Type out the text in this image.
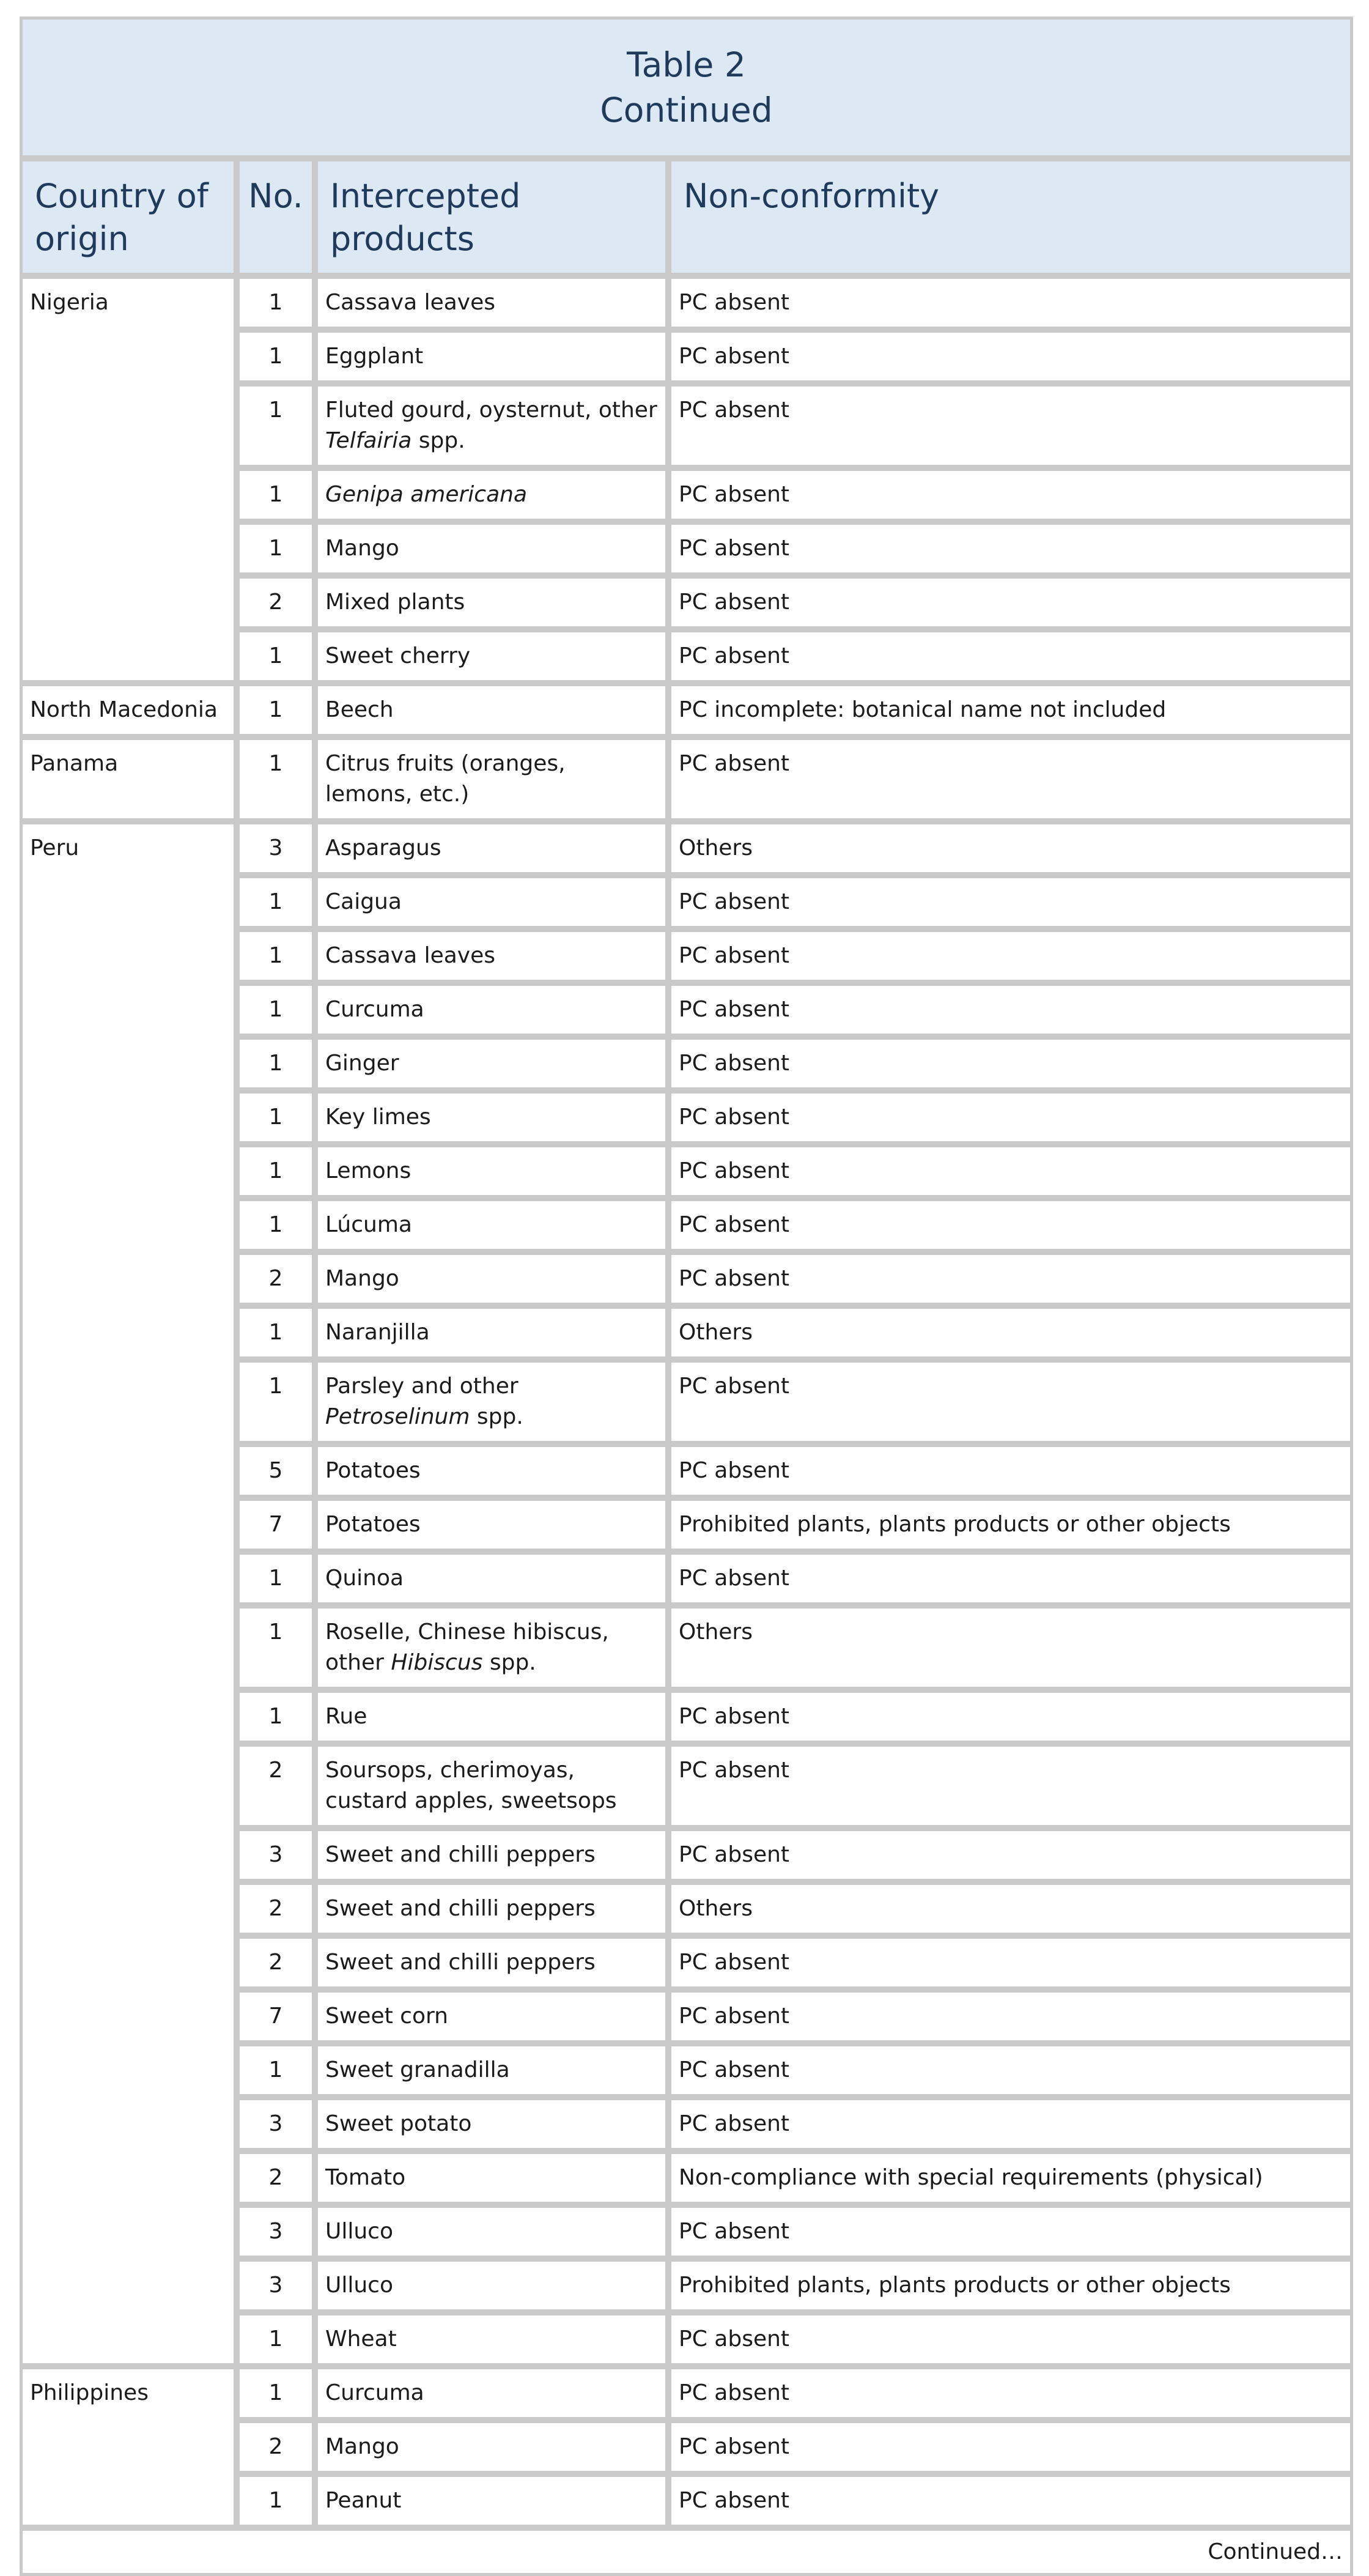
Table 2
Continued			

Country of origin	No.	Intercepted products	Non-conformity
Nigeria	1	Cassava leaves	PC absent
	1	Eggplant	PC absent
	1	Fluted gourd, oysternut, other Telfairia spp.	PC absent
	1	Genipa americana	PC absent
	1	Mango	PC absent
	2	Mixed plants	PC absent
	1	Sweet cherry	PC absent
North Macedonia	1	Beech	PC incomplete: botanical name not included
Panama	1	Citrus fruits (oranges, lemons, etc.)	PC absent
Peru	3	Asparagus	Others
	1	Caigua	PC absent
	1	Cassava leaves	PC absent
	1	Curcuma	PC absent
	1	Ginger	PC absent
	1	Key limes	PC absent
	1	Lemons	PC absent
	1	Lúcuma	PC absent
	2	Mango	PC absent
	1	Naranjilla	Others
	1	Parsley and other Petroselinum spp.	PC absent
	5	Potatoes	PC absent
	7	Potatoes	Prohibited plants, plants products or other objects
	1	Quinoa	PC absent
	1	Roselle, Chinese hibiscus, other Hibiscus spp.	Others
	1	Rue	PC absent
	2	Soursops, cherimoyas, custard apples, sweetsops	PC absent
	3	Sweet and chilli peppers	PC absent
	2	Sweet and chilli peppers	Others
	2	Sweet and chilli peppers	PC absent
	7	Sweet corn	PC absent
	1	Sweet granadilla	PC absent
	3	Sweet potato	PC absent
	2	Tomato	Non-compliance with special requirements (physical)
	3	Ulluco	PC absent
	3	Ulluco	Prohibited plants, plants products or other objects
	1	Wheat	PC absent
Philippines	1	Curcuma	PC absent
	2	Mango	PC absent
	1	Peanut	PC absent
Continued…			
